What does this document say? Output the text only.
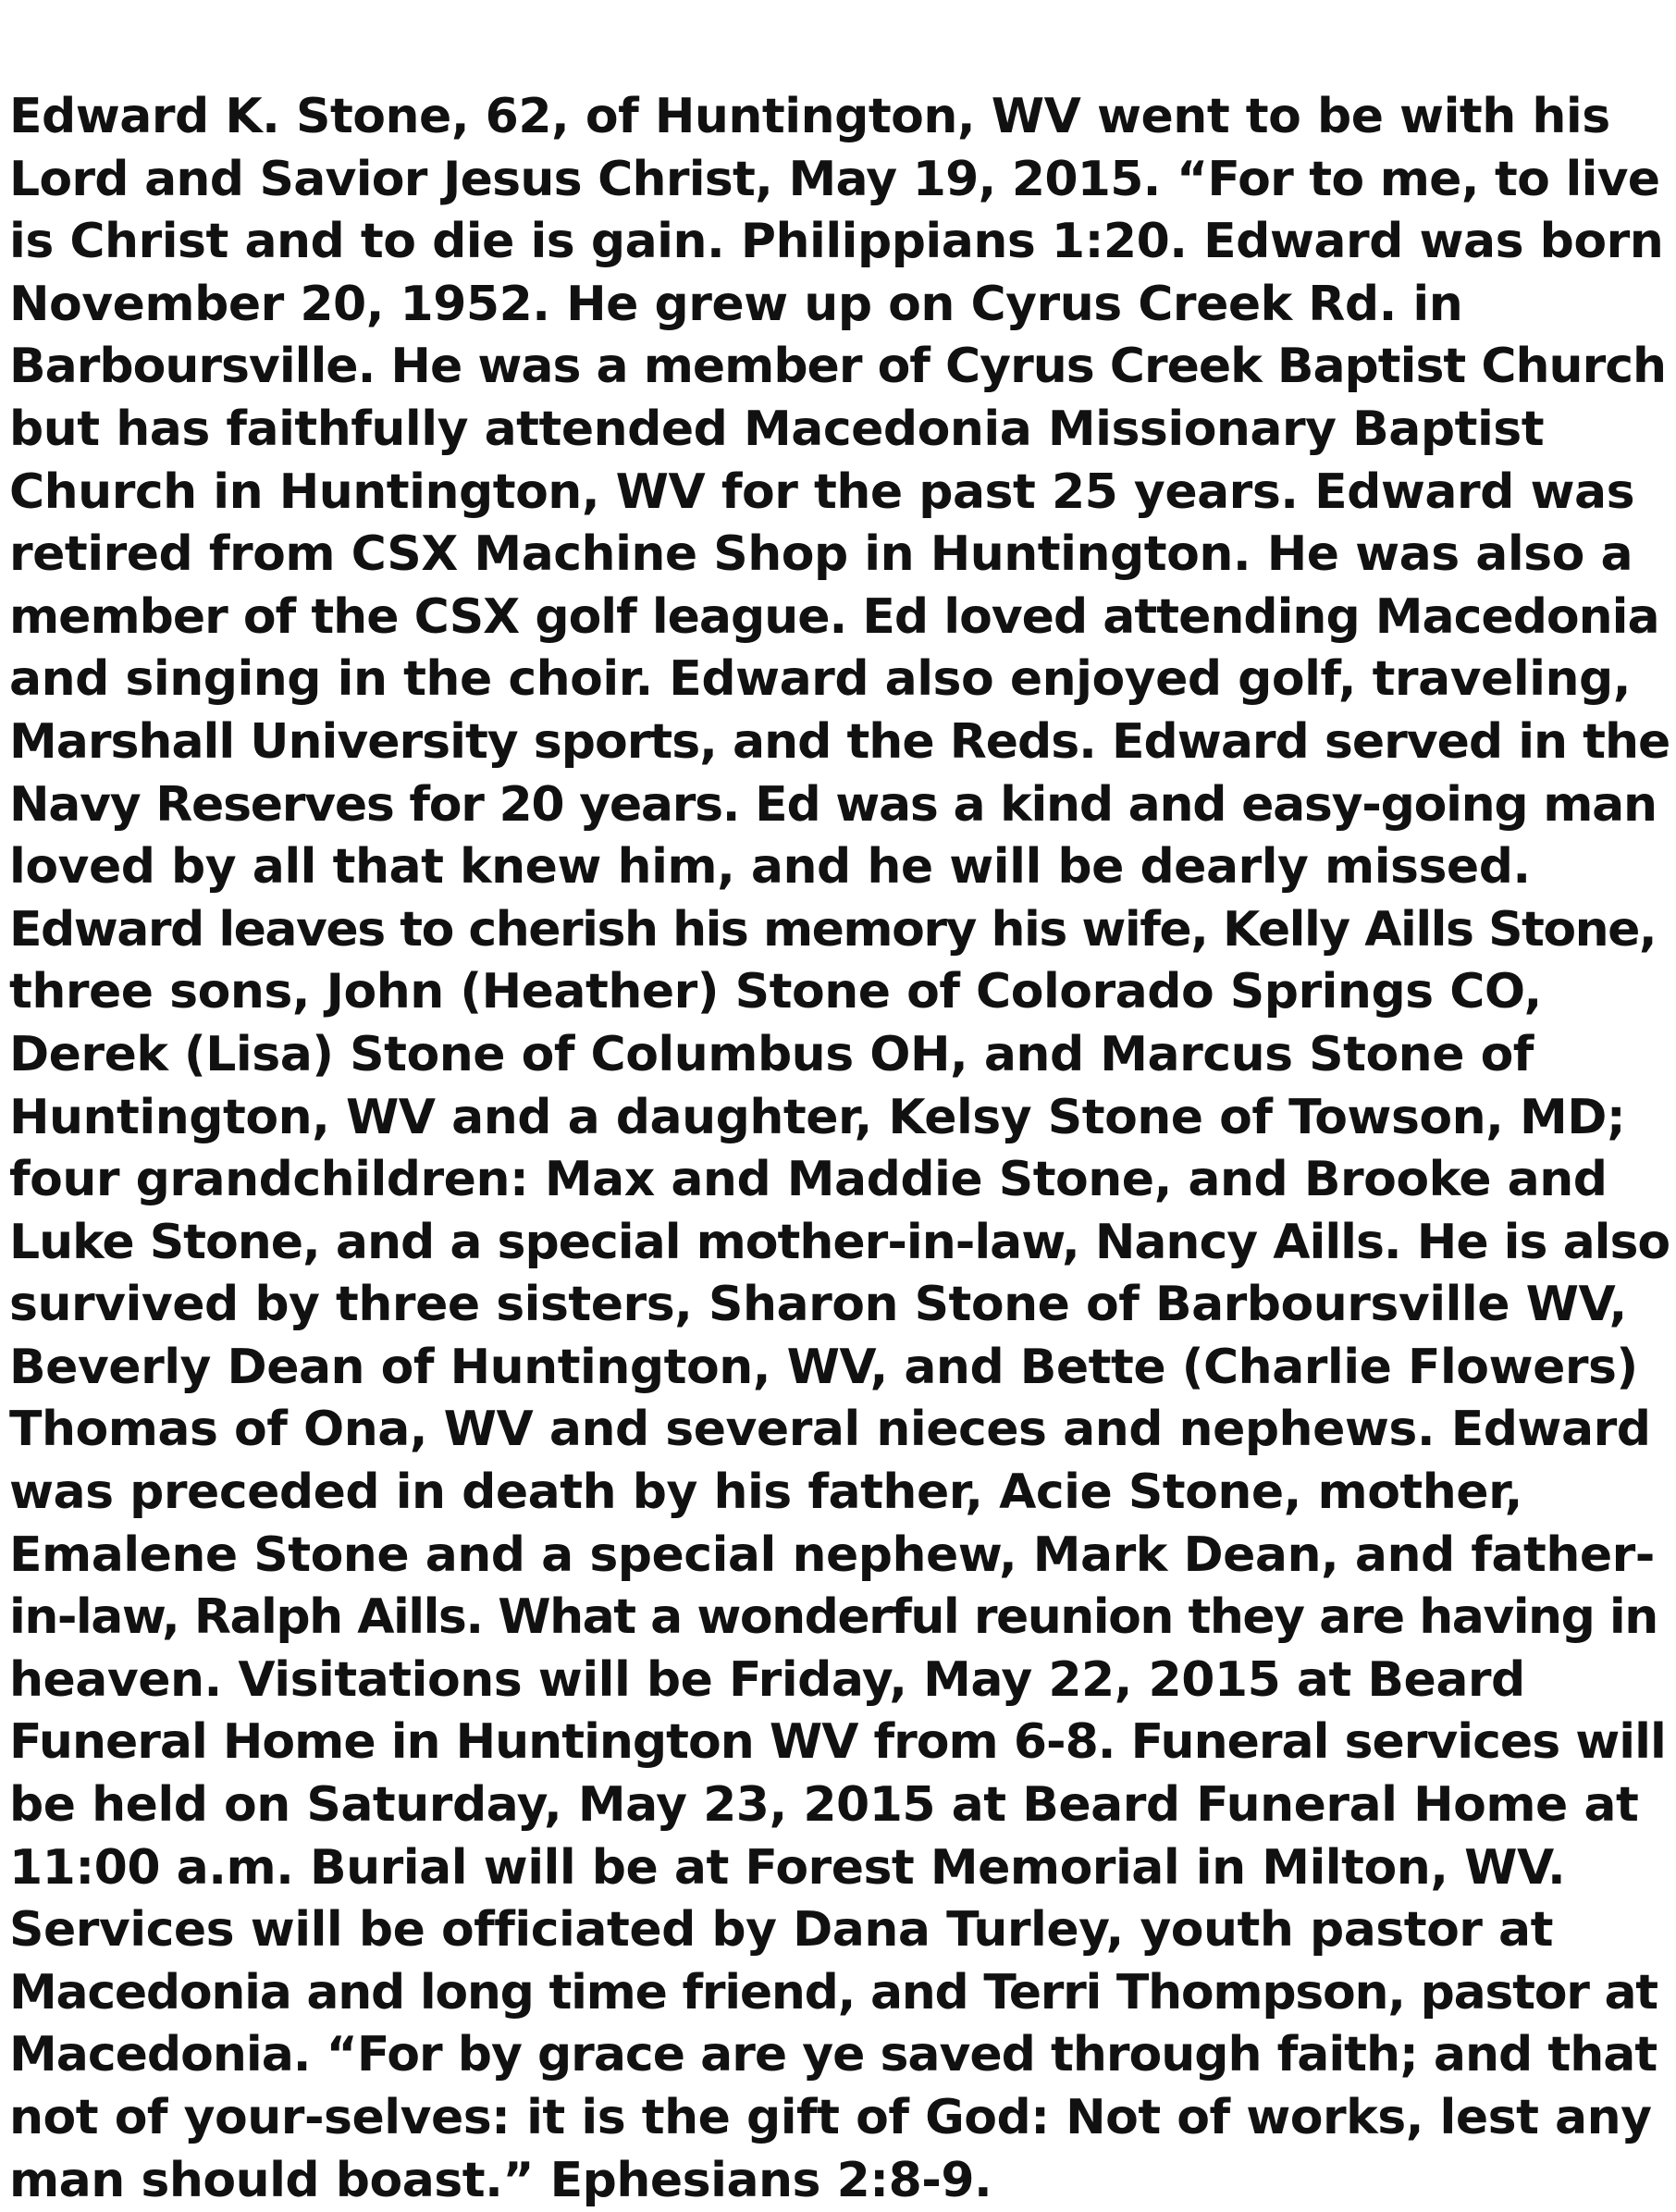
Edward K. Stone, 62, of Huntington, WV went to be with his
Lord and Savior Jesus Christ, May 19, 2015. “For to me, to live
is Christ and to die is gain. Philippians 1:20. Edward was born
November 20, 1952. He grew up on Cyrus Creek Rd. in
Barboursville. He was a member of Cyrus Creek Baptist Church
but has faithfully attended Macedonia Missionary Baptist
Church in Huntington, WV for the past 25 years. Edward was
retired from CSX Machine Shop in Huntington. He was also a
member of the CSX golf league. Ed loved attending Macedonia
and singing in the choir. Edward also enjoyed golf, traveling,
Marshall University sports, and the Reds. Edward served in the
Navy Reserves for 20 years. Ed was a kind and easy-going man
loved by all that knew him, and he will be dearly missed.
Edward leaves to cherish his memory his wife, Kelly Aills Stone,
three sons, John (Heather) Stone of Colorado Springs CO,
Derek (Lisa) Stone of Columbus OH, and Marcus Stone of
Huntington, WV and a daughter, Kelsy Stone of Towson, MD;
four grandchildren: Max and Maddie Stone, and Brooke and
Luke Stone, and a special mother-in-law, Nancy Aills. He is also
survived by three sisters, Sharon Stone of Barboursville WV,
Beverly Dean of Huntington, WV, and Bette (Charlie Flowers)
Thomas of Ona, WV and several nieces and nephews. Edward
was preceded in death by his father, Acie Stone, mother,
Emalene Stone and a special nephew, Mark Dean, and father-
in-law, Ralph Aills. What a wonderful reunion they are having in
heaven. Visitations will be Friday, May 22, 2015 at Beard
Funeral Home in Huntington WV from 6-8. Funeral services will
be held on Saturday, May 23, 2015 at Beard Funeral Home at
11:00 a.m. Burial will be at Forest Memorial in Milton, WV.
Services will be officiated by Dana Turley, youth pastor at
Macedonia and long time friend, and Terri Thompson, pastor at
Macedonia. “For by grace are ye saved through faith; and that
not of your-selves: it is the gift of God: Not of works, lest any
man should boast.” Ephesians 2:8-9.
